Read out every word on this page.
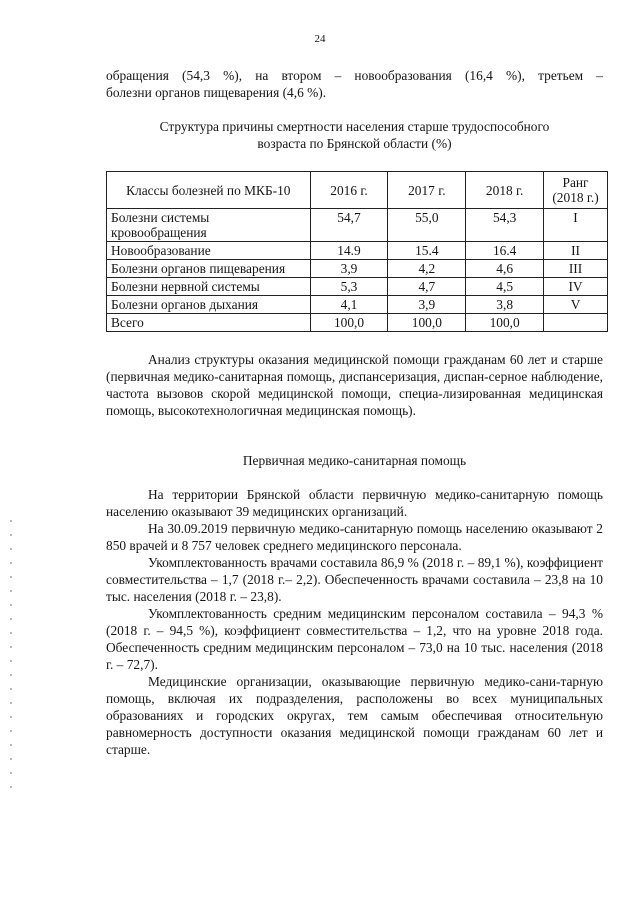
24

обращения (54,3 %), на втором – новообразования (16,4 %), третьем –

болезни органов пищеварения (4,6 %).

Структура причины смертности населения старше трудоспособного

возраста по Брянской области (%)

Классы болезней по МКБ-10	2016 г.	2017 г.	2018 г.	Ранг (2018 г.)
Болезни системы кровообращения	54,7	55,0	54,3	I
Новообразование	14.9	15.4	16.4	II
Болезни органов пищеварения	3,9	4,2	4,6	III
Болезни нервной системы	5,3	4,7	4,5	IV
Болезни органов дыхания	4,1	3,9	3,8	V
Всего	100,0	100,0	100,0	

Анализ структуры оказания медицинской помощи гражданам 60 лет и старше (первичная медико-санитарная помощь, диспансеризация, диспан-серное наблюдение, частота вызовов скорой медицинской помощи, специа-лизированная медицинская помощь, высокотехнологичная медицинская помощь).

Первичная медико-санитарная помощь

На территории Брянской области первичную медико-санитарную помощь населению оказывают 39 медицинских организаций.

На 30.09.2019 первичную медико-санитарную помощь населению оказывают 2 850 врачей и 8 757 человек среднего медицинского персонала.

Укомплектованность врачами составила 86,9 % (2018 г. – 89,1 %), коэффициент совместительства – 1,7 (2018 г.– 2,2). Обеспеченность врачами составила – 23,8 на 10 тыс. населения (2018 г. – 23,8).

Укомплектованность средним медицинским персоналом составила – 94,3 % (2018 г. – 94,5 %), коэффициент совместительства – 1,2, что на уровне 2018 года. Обеспеченность средним медицинским персоналом – 73,0 на 10 тыс. населения (2018 г. – 72,7).

Медицинские организации, оказывающие первичную медико-сани-тарную помощь, включая их подразделения, расположены во всех муниципальных образованиях и городских округах, тем самым обеспечивая относительную равномерность доступности оказания медицинской помощи гражданам 60 лет и старше.
